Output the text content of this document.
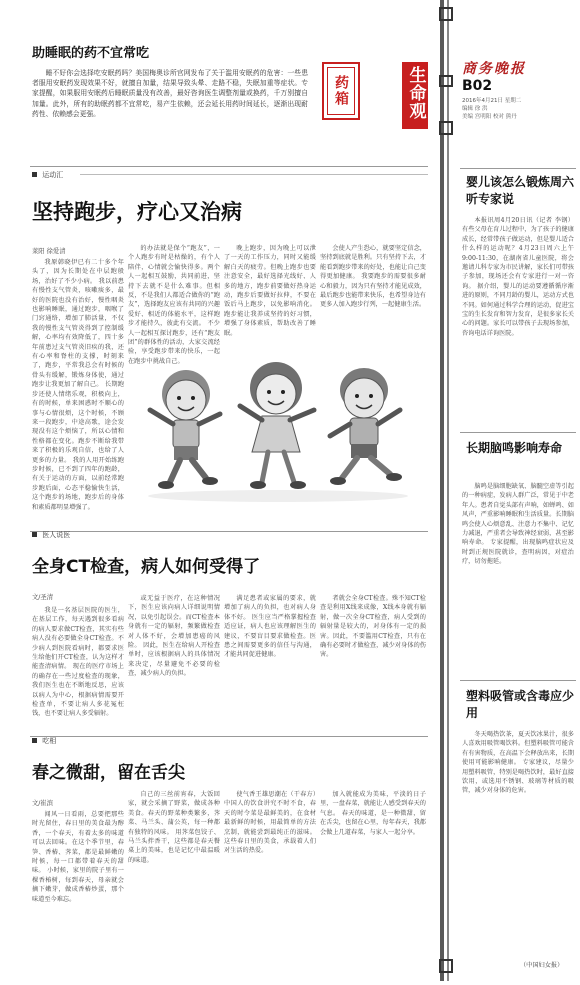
生命观	商务晚报
B02
2016年4月21日 星期二
编辑 徐 洪
美编 宫明阳 校对 熊丹
助睡眠的药不宜常吃
睡不好你会选择吃安眠药吗？美国梅奥诊所官网发布了关于滥用安眠药的危害：一些患者服用安眠药发现效果不好，就擅自加量，结果导致头晕、走路不稳，失眠加重等症状。专家提醒，如果服用安眠药后睡眠质量没有改善，最好咨询医生调整剂量或换药，千万别擅自加量。此外，所有的助眠药都不宜常吃，易产生依赖，还会延长用药时间延长，逐渐出现耐药性、依赖感会更强。
药箱
运动汇
坚持跑步，疗心又治病
莱阳 徐爱清
我原韩晓伊已有二十多个年头了，因为长期处在中层跑般场，治好了不少小病。 我以前患有慢性支气管炎，咳嗽痰多，最好的医院也没有治好，慢性咽炎也影响睡眠，通过跑步，咽喉了门窍通络，增加了肺活量，不仅我的慢性支气管炎得到了控制缓解，心率均有效降低了，四十多年前患过支气管炎旧疾的我，还有心率和脊柱的支撑，时刻来了，跑步，平常我总会有时候的骨头有缓解，锻炼身体使，通过跑步让我更加了解自己。 长期跑步还使人情绪乐观，积极向上，有的时候，单来困惑时不顺心的事与心情很烦，这个时候，不顾来一段跑步，中途高歌，途会发现没有这个烦恼了，所以心情和性格都在变化。跑步不断给我带来了积极的乐观自信，也给了人更多的力量。 我的人用开始练跑步时候，已不到了四年的跑龄，有关于运动的方面，以前经常跑步跑后面，心态平稳愉快生活，这个跑步的场地，跑步后的身体和素质都明显增强了。
的办法就是保个“跑友”，一个人跑步有时是枯燥的，有个人陪伴，心情就会愉快得多。两个人一起相互鼓励，共同前进，坚持下去就不是什么难事。但相反，不是我们人都适合做你的“跑友”，选择跑友应该有共同的兴趣爱好、相近的体能水平，这样跑步才能持久，彼此有交流。 不少人一起相互探讨跑步，还有“跑友团”的群体性的活动，大家交流经验，享受跑步带来的快乐，一起在跑步中挑战自己。
晚上跑步，因为晚上可以泄了一天的工作压力，同时又能缓解白天的疲劳。但晚上跑步也要注意安全，最好选择光线好、人多的地方，跑步前要做好热身运动，跑步后要做好拉伸，不要在饭后马上跑步，以免影响消化。 跑步能让我养成坚持的好习惯，增强了身体素质，帮助改善了睡眠。
会使人产生恐心，就要坚定信念，坚持到底就是胜利。只有坚持下去，才能看到跑步带来的好处，也能让自己变得更加健康。 我要跑步的需要很多耐心和毅力，因为只有坚持才能见成效，最后跑步也能带来快乐，也希望身边有更多人加入跑步行列，一起健康生活。
医人说医
全身CT检查，病人如何受得了
文/圣清
我是一名基层医院的医生，在基层工作，每天遇到很多看病的病人要求做CT检查，其实有些病人没有必要做全身CT检查。不少病人到医院看病时，都要求医生给他们开CT检查，认为这样才能查清病情。 现在的医疗市场上的确存在一些过度检查的现象，我们医生也在不断地反思，应该以病人为中心，根据病情需要开检查单，不要让病人多花冤枉钱，也不要让病人多受辐射。
或无益于医疗，在这种情况下，医生应该向病人详细说明情况，以免引起误会。而CT检查本身就有一定的辐射，频繁做检查对人体不好，会增加患癌的风险。 因此，医生在给病人开检查单时，应该根据病人的具体情况来决定，尽量避免不必要的检查，减少病人的负担。
满足患者或家属的要求，就增加了病人的负担，也对病人身体不好。 医生应当严格掌握检查适应证，病人也应该理解医生的建议，不要盲目要求做检查。医患之间需要更多的信任与沟通，才能共同促进健康。
者就会全身CT检查。殊不知CT检查是利用X线来成像，X线本身就有辐射，做一次全身CT检查，病人受到的辐射量是较大的，对身体有一定的损害。因此，不要滥用CT检查，只有在确有必要时才做检查，减少对身体的伤害。
吃相
春之微甜，留在舌尖
文/崔滨
闻风一日看雨，总要把那些时光留住，春日里的美食最为醇香，一个春天，有着太多的味道可以去回味。在这个季节里，春笋、香椿、荠菜，都是最鲜嫩的时候，每一口都带着春天的甜味。 小时候，家里的院子里有一棵香椿树，每到春天，母亲就会摘下嫩芽，做成香椿炒蛋，那个味道至今难忘。
自己的三丝前宵春，大饭回家，就会采摘了野菜，做成各种美食。春天的野菜种类繁多，荠菜、马兰头、蒲公英，每一种都有独特的风味。 用荠菜包饺子、马兰头拌香干，这些都是春天餐桌上的美味，也是记忆中最温暖的味道。
使气香王雄思潮在（干春方）中国人的饮食讲究不时不食，春天的时令菜是最鲜美的，在食材最新鲜的时候，用最简单的方法烹制，就能尝到最纯正的滋味。 这些春日里的美食，承载着人们对生活的热爱。
加入就能成为美味，平淡的日子里，一盘春菜，就能让人感受到春天的气息。 春天的味道，是一种微甜，留在舌尖，也留在心里，每年春天，我都会做上几道春菜，与家人一起分享。
婴儿该怎么锻炼周六听专家说
本报讯周4月20日讯（记者 李钢）有些父母在育儿过程中，为了孩子的健康成长，经常带孩子做运动，但是婴儿适合什么样的运动呢？4月23日周六上午9:00-11:30，在湖南省儿童医院，将会邀请儿科专家为市民讲解，家长们可带孩子参加，现场还会有专家进行一对一咨询。 据介绍，婴儿的运动要遵循循序渐进的原则，不同月龄的婴儿，运动方式也不同。如何通过科学合理的运动，促进宝宝的生长发育和智力发育，是很多家长关心的问题。家长可以带孩子去现场参加，咨询电话详询医院。
长期脑鸣影响寿命
脑鸣是脑细胞缺氧、脑髓空虚等引起的一种病症，发病人群广泛，常见于中老年人。患者自觉头部有声响，如蝉鸣、如风声，严重影响睡眠和生活质量。长期脑鸣会使人心烦意乱、注意力不集中、记忆力减退，严重者会导致神经衰弱，甚至影响寿命。 专家提醒，出现脑鸣症状应及时到正规医院就诊，查明病因，对症治疗，切勿拖延。
塑料吸管或含毒应少用
冬天喝热饮茶，夏天饮冰果汁，很多人喜欢用吸管喝饮料。但塑料吸管可能含有有害物质，在高温下会释放出来，长期使用可能影响健康。 专家建议，尽量少用塑料吸管，特别是喝热饮时，最好直接饮用，或选用不锈钢、玻璃等材质的吸管，减少对身体的危害。
（中国妇女报）
